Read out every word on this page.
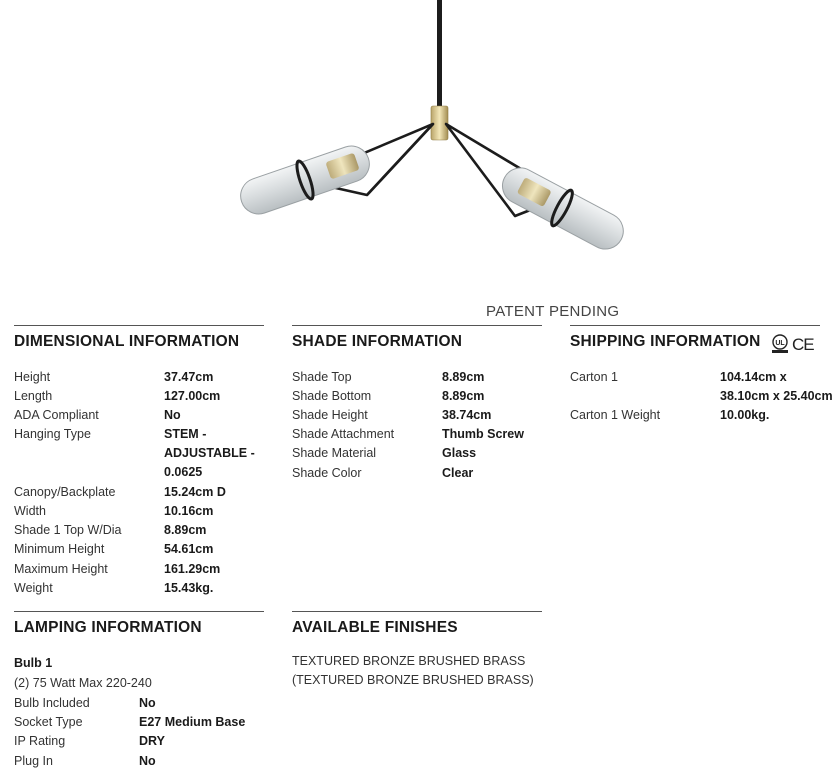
PATENT PENDING
DIMENSIONAL INFORMATION
Height	37.47cm
Length	127.00cm
ADA Compliant	No
Hanging Type	STEM - ADJUSTABLE - 0.0625
Canopy/Backplate	15.24cm D
Width	10.16cm
Shade 1 Top W/Dia	8.89cm
Minimum Height	54.61cm
Maximum Height	161.29cm
Weight	15.43kg.
SHADE INFORMATION
Shade Top	8.89cm
Shade Bottom	8.89cm
Shade Height	38.74cm
Shade Attachment	Thumb Screw
Shade Material	Glass
Shade Color	Clear
SHIPPING INFORMATION UL CE
Carton 1	104.14cm x 38.10cm x 25.40cm
Carton 1 Weight	10.00kg.
LAMPING INFORMATION
Bulb 1
(2) 75 Watt Max 220-240
Bulb Included	No
Socket Type	E27 Medium Base
IP Rating	DRY
Plug In	No
AVAILABLE FINISHES
TEXTURED BRONZE BRUSHED BRASS
(TEXTURED BRONZE BRUSHED BRASS)
